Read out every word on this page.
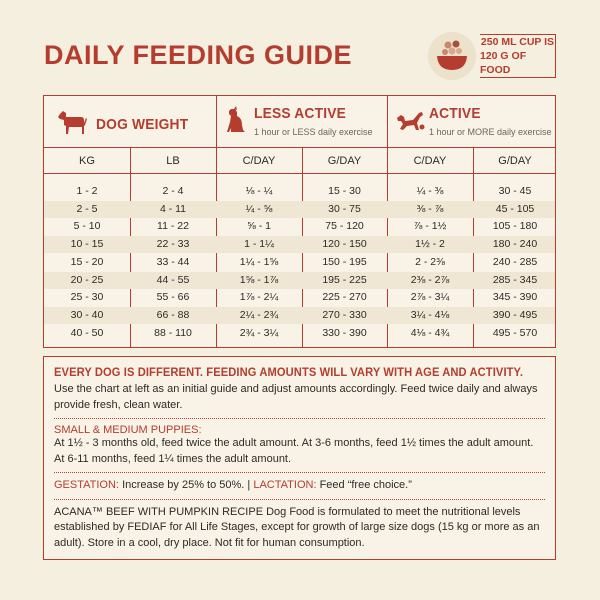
DAILY FEEDING GUIDE	250 ML CUP IS
120 G OF FOOD
DOG WEIGHT
LESS ACTIVE
1 hour or LESS daily exercise
ACTIVE
1 hour or MORE daily exercise
KG	LB	C/DAY	G/DAY	C/DAY	G/DAY
1 - 2	2 - 4	⅛ - ¼	15 - 30	¼ - ⅜	30 - 45
2 - 5	4 - 11	¼ - ⅝	30 - 75	⅜ - ⅞	45 - 105
5 - 10	11 - 22	⅝ - 1	75 - 120	⅞ - 1½	105 - 180
10 - 15	22 - 33	1 - 1¼	120 - 150	1½ - 2	180 - 240
15 - 20	33 - 44	1¼ - 1⅝	150 - 195	2 - 2⅜	240 - 285
20 - 25	44 - 55	1⅝ - 1⅞	195 - 225	2⅜ - 2⅞	285 - 345
25 - 30	55 - 66	1⅞ - 2¼	225 - 270	2⅞ - 3¼	345 - 390
30 - 40	66 - 88	2¼ - 2¾	270 - 330	3¼ - 4⅛	390 - 495
40 - 50	88 - 110	2¾ - 3¼	330 - 390	4⅛ - 4¾	495 - 570
EVERY DOG IS DIFFERENT. FEEDING AMOUNTS WILL VARY WITH AGE AND ACTIVITY.
Use the chart at left as an initial guide and adjust amounts accordingly. Feed twice daily and always provide fresh, clean water.
SMALL & MEDIUM PUPPIES:
At 1½ - 3 months old, feed twice the adult amount. At 3-6 months, feed 1½ times the adult amount. At 6-11 months, feed 1¼ times the adult amount.
GESTATION: Increase by 25% to 50%. | LACTATION: Feed “free choice.”
ACANA™ BEEF WITH PUMPKIN RECIPE Dog Food is formulated to meet the nutritional levels established by FEDIAF for All Life Stages, except for growth of large size dogs (15 kg or more as an adult). Store in a cool, dry place. Not fit for human consumption.
